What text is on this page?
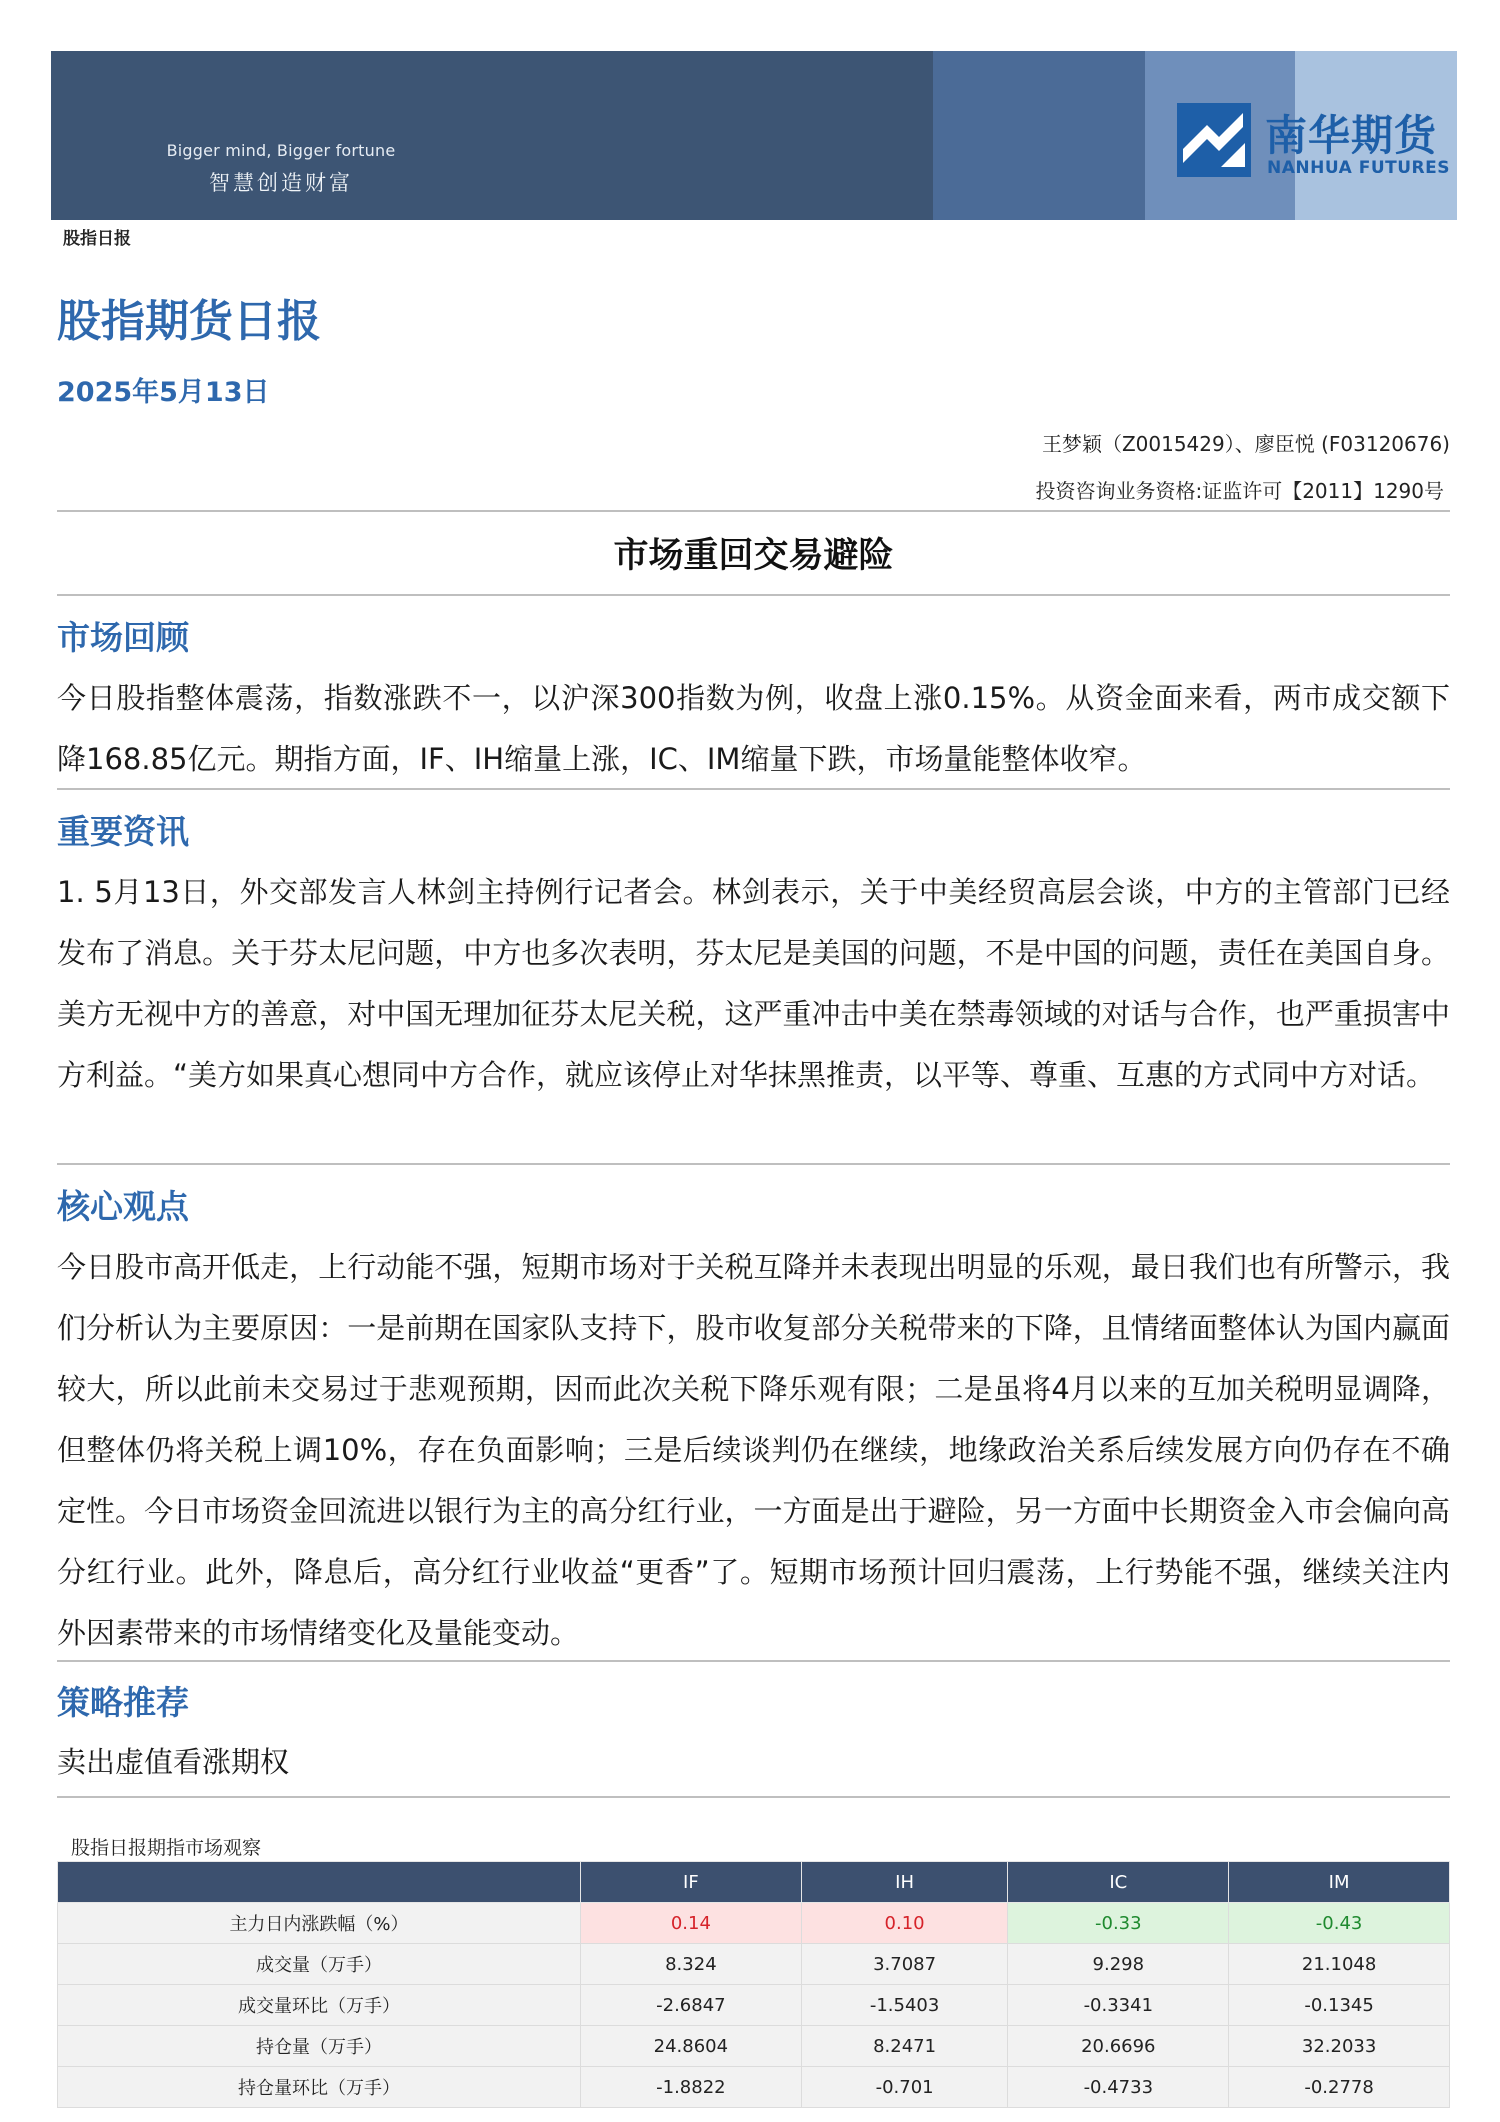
Bigger mind, Bigger fortune
智慧创造财富
南华期货
NANHUA FUTURES
股指日报
股指期货日报
2025年5月13日
王梦颖（Z0015429）、廖臣悦 (F03120676)
投资咨询业务资格:证监许可【2011】1290号
市场重回交易避险
市场回顾
今日股指整体震荡，指数涨跌不一，以沪深300指数为例，收盘上涨0.15%。从资金面来看，两市成交额下降168.85亿元。期指方面，IF、IH缩量上涨，IC、IM缩量下跌，市场量能整体收窄。
重要资讯
1. 5月13日，外交部发言人林剑主持例行记者会。林剑表示，关于中美经贸高层会谈，中方的主管部门已经发布了消息。关于芬太尼问题，中方也多次表明，芬太尼是美国的问题，不是中国的问题，责任在美国自身。美方无视中方的善意，对中国无理加征芬太尼关税，这严重冲击中美在禁毒领域的对话与合作，也严重损害中方利益。“美方如果真心想同中方合作，就应该停止对华抹黑推责，以平等、尊重、互惠的方式同中方对话。
核心观点
今日股市高开低走，上行动能不强，短期市场对于关税互降并未表现出明显的乐观，最日我们也有所警示，我们分析认为主要原因：一是前期在国家队支持下，股市收复部分关税带来的下降，且情绪面整体认为国内赢面较大，所以此前未交易过于悲观预期，因而此次关税下降乐观有限；二是虽将4月以来的互加关税明显调降，但整体仍将关税上调10%，存在负面影响；三是后续谈判仍在继续，地缘政治关系后续发展方向仍存在不确定性。今日市场资金回流进以银行为主的高分红行业，一方面是出于避险，另一方面中长期资金入市会偏向高分红行业。此外，降息后，高分红行业收益“更香”了。短期市场预计回归震荡，上行势能不强，继续关注内外因素带来的市场情绪变化及量能变动。
策略推荐
卖出虚值看涨期权
股指日报期指市场观察
	IF	IH	IC	IM
主力日内涨跌幅（%）	0.14	0.10	-0.33	-0.43
成交量（万手）	8.324	3.7087	9.298	21.1048
成交量环比（万手）	-2.6847	-1.5403	-0.3341	-0.1345
持仓量（万手）	24.8604	8.2471	20.6696	32.2033
持仓量环比（万手）	-1.8822	-0.701	-0.4733	-0.2778
